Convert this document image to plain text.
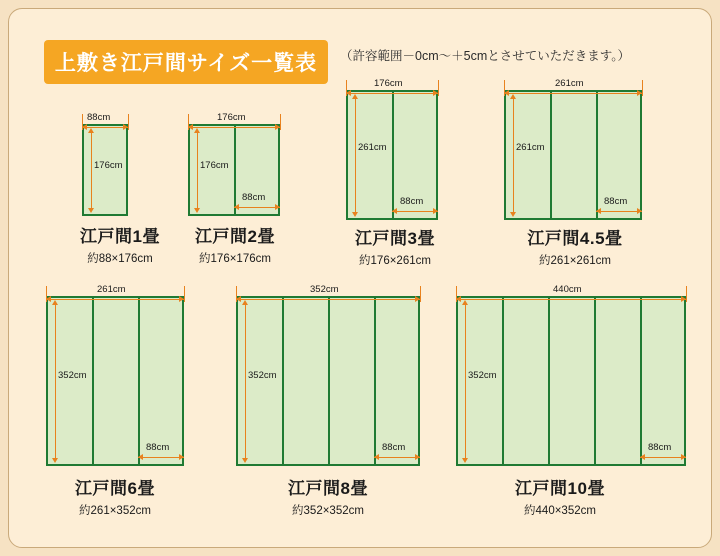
上敷き江戸間サイズ一覧表 （許容範囲－0cm～＋5cmとさせていただきます。）
88cm
176cm
江戸間1畳
約88×176cm
176cm
176cm
88cm
江戸間2畳
約176×176cm
176cm
261cm
88cm
江戸間3畳
約176×261cm
261cm
261cm
88cm
江戸間4.5畳
約261×261cm
261cm
352cm
88cm
江戸間6畳
約261×352cm
352cm
352cm
88cm
江戸間8畳
約352×352cm
440cm
352cm
88cm
江戸間10畳
約440×352cm
